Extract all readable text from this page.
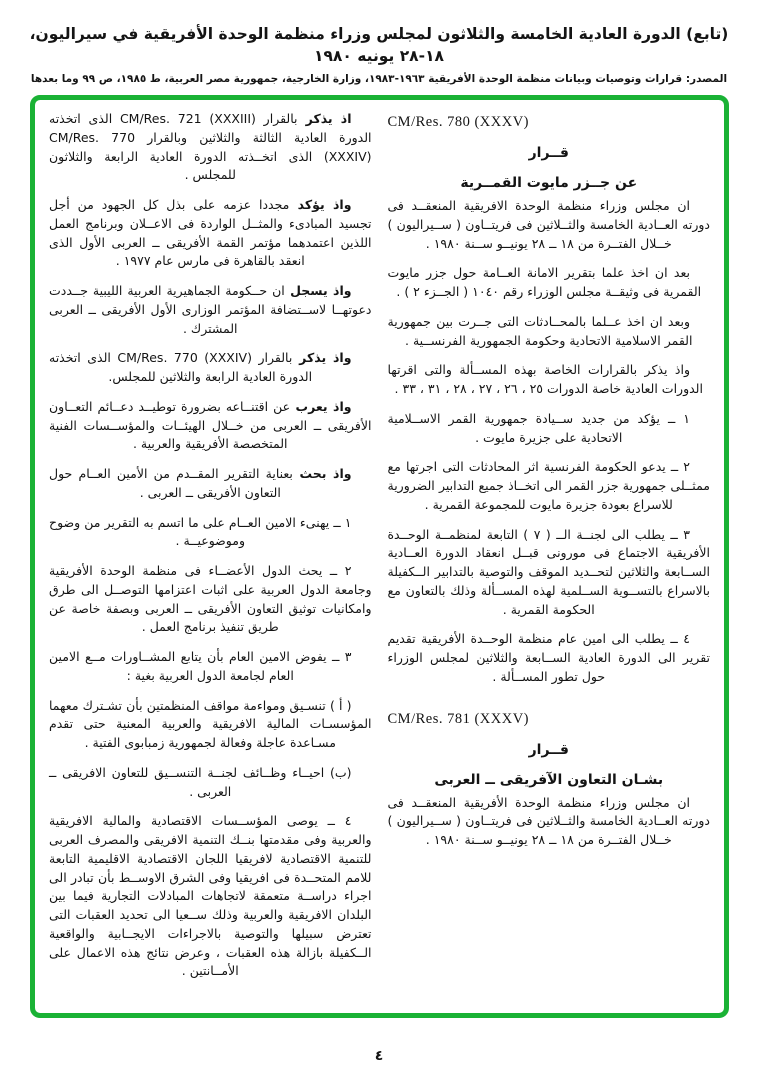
(تابع) الدورة العادية الخامسة والثلاثون لمجلس وزراء منظمة الوحدة الأفريقية في سيراليون، ١٨-٢٨ يونيه ١٩٨٠
المصدر: قرارات وتوصيات وبيانات منظمة الوحدة الأفريقية ١٩٦٣-١٩٨٣، وزارة الخارجية، جمهورية مصر العربية، ط ١٩٨٥، ص ٩٩ وما بعدها
CM/Res. 780 (XXXV)
قــرار
عن جــزر مايوت القمــرية

ان مجلس وزراء منظمة الوحدة الافريقية المنعقــد فى دورته العــادية الخامسة والثــلاثين فى فريتــاون ( ســيراليون ) خــلال الفتــرة من ١٨ ــ ٢٨ يونيــو ســنة ١٩٨٠ .

بعد ان اخذ علما بتقرير الامانة العــامة حول جزر مايوت القمرية فى وثيقــة مجلس الوزراء رقم ١٠٤٠ ( الجــزء ٢ ) .

وبعد ان اخذ عــلما بالمحــادثات التى جــرت بين جمهورية القمر الاسلامية الاتحادية وحكومة الجمهورية الفرنســية .

واذ يذكر بالقرارات الخاصة بهذه المســألة والتى اقرتها الدورات العادية خاصة الدورات ٢٥ ، ٢٦ ، ٢٧ ، ٢٨ ، ٣١ ، ٣٣ .

١ ــ يؤكد من جديد ســيادة جمهورية القمر الاســلامية الاتحادية على جزيرة مايوت .

٢ ــ يدعو الحكومة الفرنسية اثر المحادثات التى اجرتها مع ممثــلى جمهورية جزر القمر الى اتخــاذ جميع التدابير الضرورية للاسراع بعودة جزيرة مايوت للمجموعة القمرية .

٣ ــ يطلب الى لجنــة الــ ( ٧ ) التابعة لمنظمــة الوحــدة الأفريقية الاجتماع فى مورونى قبــل انعقاد الدورة العــادية الســابعة والثلاثين لتحــديد الموقف والتوصية بالتدابير الــكفيلة بالاسراع بالتســوية الســلمية لهذه المســألة وذلك بالتعاون مع الحكومة القمرية .

٤ ــ يطلب الى امين عام منظمة الوحــدة الأفريقية تقديم تقرير الى الدورة العادية الســابعة والثلاثين لمجلس الوزراء حول تطور المســألة .

CM/Res. 781 (XXXV)
قــرار
بشـان التعاون الآفريقى ــ العربى

ان مجلس وزراء منظمة الوحدة الأفريقية المنعقــد فى دورته العــادية الخامسة والثــلاثين فى فريتــاون ( ســيراليون ) خــلال الفتــرة من ١٨ ــ ٢٨ يونيــو ســنة ١٩٨٠ .

اذ يذكر بالقرار CM/Res. 721 (XXXIII) الذى اتخذته الدورة العادية الثالثة والثلاثين وبالقرار CM/Res. 770 (XXXIV) الذى اتخــذته الدورة العادية الرابعة والثلاثون للمجلس .

واذ يؤكد مجددا عزمه على بذل كل الجهود من أجل تجسيد المبادىء والمثــل الواردة فى الاعــلان وبرنامج العمل اللذين اعتمدهما مؤتمر القمة الأفريقى ــ العربى الأول الذى انعقد بالقاهرة فى مارس عام ١٩٧٧ .

واذ يسجل ان حــكومة الجماهيرية العربية الليبية جــددت دعوتهــا لاســتضافة المؤتمر الوزارى الأول الأفريقى ــ العربى المشترك .

واذ يذكر بالقرار CM/Res. 770 (XXXIV) الذى اتخذته الدورة العادية الرابعة والثلاثين للمجلس.

واذ يعرب عن اقتنــاعه بضرورة توطيــد دعــائم التعــاون الأفريقى ــ العربى من خــلال الهيئــات والمؤســسات الفنية المتخصصة الأفريقية والعربية .

واذ بحث بعناية التقرير المقــدم من الأمين العــام حول التعاون الأفريقى ــ العربى .

١ ــ يهنىء الامين العــام على ما اتسم به التقرير من وضوح وموضوعيــة .

٢ ــ يحث الدول الأعضــاء فى منظمة الوحدة الأفريقية وجامعة الدول العربية على اثبات اعتزامها التوصــل الى طرق وامكانيات توثيق التعاون الأفريقى ــ العربى وبصفة خاصة عن طريق تنفيذ برنامج العمل .

٣ ــ يفوض الامين العام بأن يتابع المشــاورات مــع الامين العام لجامعة الدول العربية بغية :

( أ ) تنسـيق ومواءمة مواقف المنظمتين بأن تشـترك معهما المؤسسـات المالية الافريقية والعربية المعنية حتى تقدم مسـاعدة عاجلة وفعالة لجمهورية زمبابوى الفتية .

(ب) احيــاء وظــائف لجنــة التنســيق للتعاون الافريقى ــ العربى .

٤ ــ يوصى المؤســسات الاقتصادية والمالية الافريقية والعربية وفى مقدمتها بنــك التنمية الافريقى والمصرف العربى للتنمية الاقتصادية لافريقيا اللجان الاقتصادية الاقليمية التابعة للامم المتحــدة فى افريقيا وفى الشرق الاوســط بأن تبادر الى اجراء دراســة متعمقة لاتجاهات المبادلات التجارية فيما بين البلدان الافريقية والعربية وذلك ســعيا الى تحديد العقبات التى تعترض سبيلها والتوصية بالاجراءات الايجــابية والواقعية الــكفيلة بازالة هذه العقبات ، وعرض نتائج هذه الاعمال على الأمــانتين .

٤
